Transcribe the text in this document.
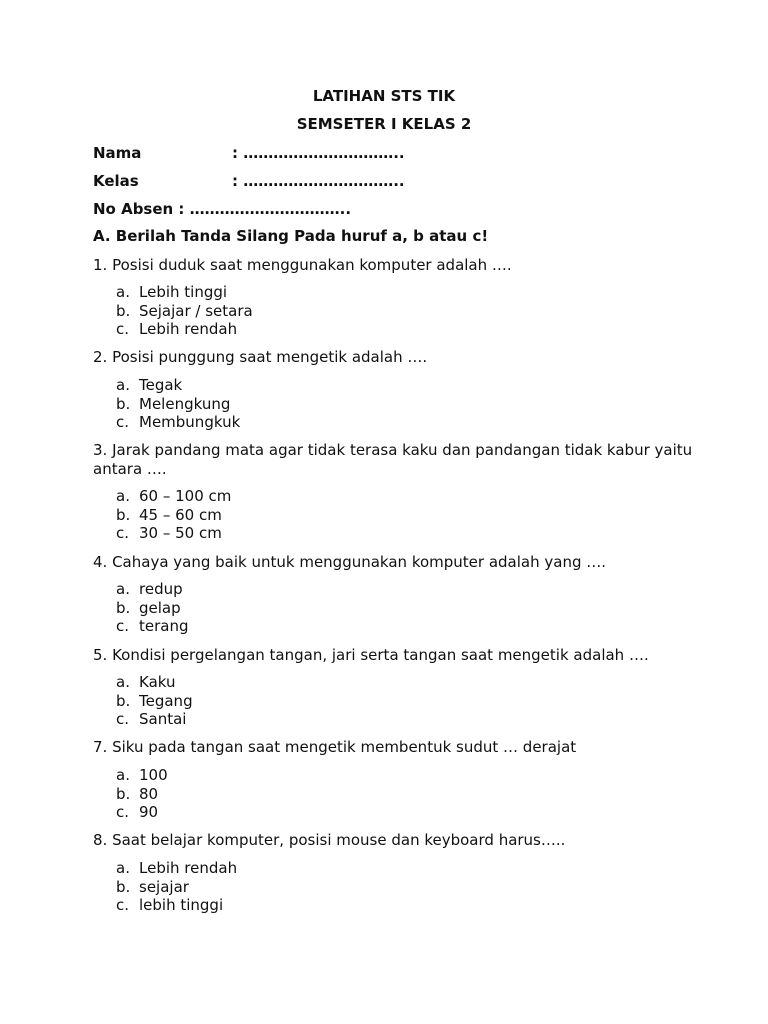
LATIHAN STS TIK
SEMSETER I KELAS 2
Nama	: …………………………..
Kelas	: …………………………..
No Absen : …………………………..
A. Berilah Tanda Silang Pada huruf a, b atau c!
1. Posisi duduk saat menggunakan komputer adalah ….
a. Lebih tinggi
b. Sejajar / setara
c. Lebih rendah
2. Posisi punggung saat mengetik adalah ….
a. Tegak
b. Melengkung
c. Membungkuk
3. Jarak pandang mata agar tidak terasa kaku dan pandangan tidak kabur yaitu antara ….
a. 60 – 100 cm
b. 45 – 60 cm
c. 30 – 50 cm
4. Cahaya yang baik untuk menggunakan komputer adalah yang ….
a. redup
b. gelap
c. terang
5. Kondisi pergelangan tangan, jari serta tangan saat mengetik adalah ….
a. Kaku
b. Tegang
c. Santai
7. Siku pada tangan saat mengetik membentuk sudut … derajat
a. 100
b. 80
c. 90
8. Saat belajar komputer, posisi mouse dan keyboard harus…..
a. Lebih rendah
b. sejajar
c. lebih tinggi
